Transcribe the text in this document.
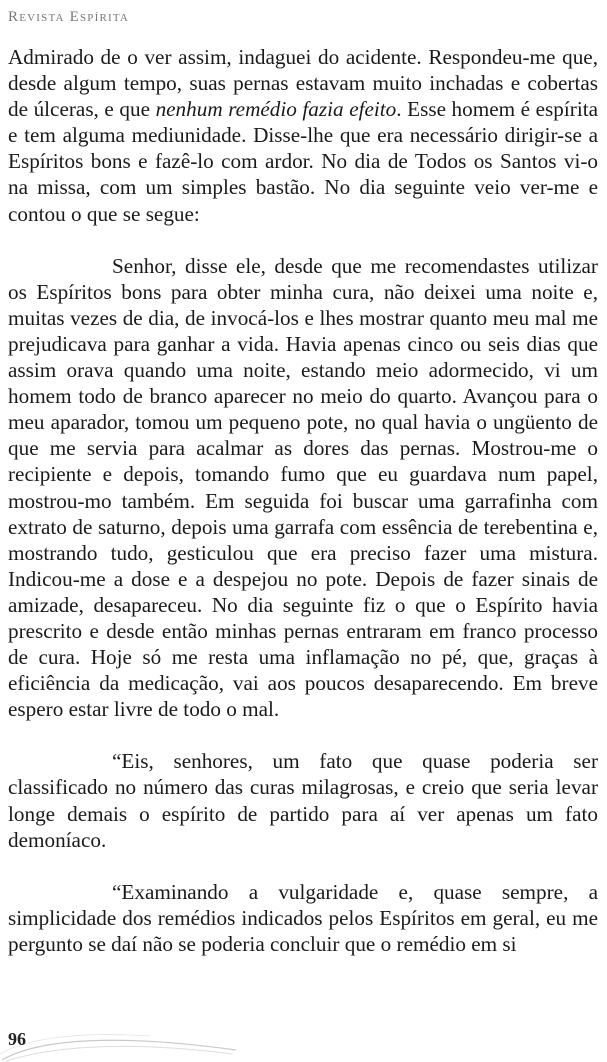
Revista Espírita

Admirado de o ver assim, indaguei do acidente. Respondeu-me que, desde algum tempo, suas pernas estavam muito inchadas e cobertas de úlceras, e que nenhum remédio fazia efeito. Esse homem é espírita e tem alguma mediunidade. Disse-lhe que era necessário dirigir-se a Espíritos bons e fazê-lo com ardor. No dia de Todos os Santos vi-o na missa, com um simples bastão. No dia seguinte veio ver-me e contou o que se segue:

Senhor, disse ele, desde que me recomendastes utilizar os Espíritos bons para obter minha cura, não deixei uma noite e, muitas vezes de dia, de invocá-los e lhes mostrar quanto meu mal me prejudicava para ganhar a vida. Havia apenas cinco ou seis dias que assim orava quando uma noite, estando meio adormecido, vi um homem todo de branco aparecer no meio do quarto. Avançou para o meu aparador, tomou um pequeno pote, no qual havia o ungüento de que me servia para acalmar as dores das pernas. Mostrou-me o recipiente e depois, tomando fumo que eu guardava num papel, mostrou-mo também. Em seguida foi buscar uma garrafinha com extrato de saturno, depois uma garrafa com essência de terebentina e, mostrando tudo, gesticulou que era preciso fazer uma mistura. Indicou-me a dose e a despejou no pote. Depois de fazer sinais de amizade, desapareceu. No dia seguinte fiz o que o Espírito havia prescrito e desde então minhas pernas entraram em franco processo de cura. Hoje só me resta uma inflamação no pé, que, graças à eficiência da medicação, vai aos poucos desaparecendo. Em breve espero estar livre de todo o mal.

“Eis, senhores, um fato que quase poderia ser classificado no número das curas milagrosas, e creio que seria levar longe demais o espírito de partido para aí ver apenas um fato demoníaco.

“Examinando a vulgaridade e, quase sempre, a simplicidade dos remédios indicados pelos Espíritos em geral, eu me pergunto se daí não se poderia concluir que o remédio em si

96
